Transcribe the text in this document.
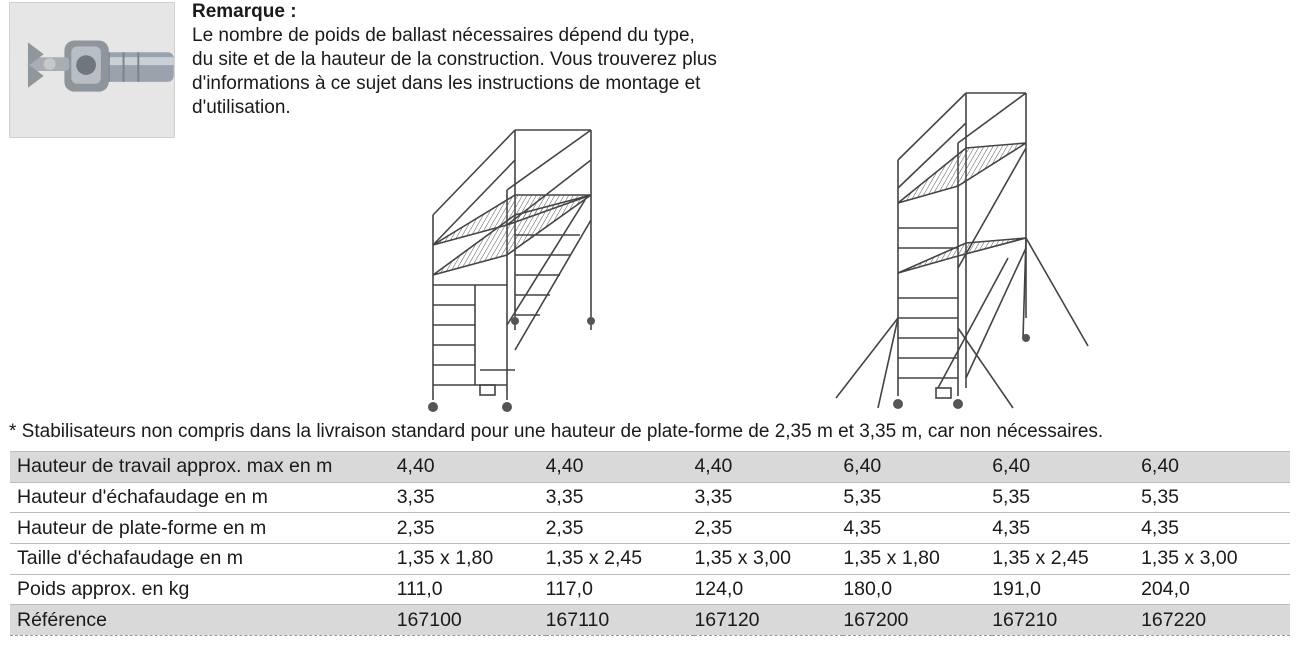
Remarque :
Le nombre de poids de ballast nécessaires dépend du type,
du site et de la hauteur de la construction. Vous trouverez plus
d'informations à ce sujet dans les instructions de montage et
d'utilisation.
* Stabilisateurs non compris dans la livraison standard pour une hauteur de plate-forme de 2,35 m et 3,35 m, car non nécessaires.
Hauteur de travail approx. max en m	4,40	4,40	4,40	6,40	6,40	6,40
Hauteur d'échafaudage en m	3,35	3,35	3,35	5,35	5,35	5,35
Hauteur de plate-forme en m	2,35	2,35	2,35	4,35	4,35	4,35
Taille d'échafaudage en m	1,35 x 1,80	1,35 x 2,45	1,35 x 3,00	1,35 x 1,80	1,35 x 2,45	1,35 x 3,00
Poids approx. en kg	111,0	117,0	124,0	180,0	191,0	204,0
Référence	167100	167110	167120	167200	167210	167220
